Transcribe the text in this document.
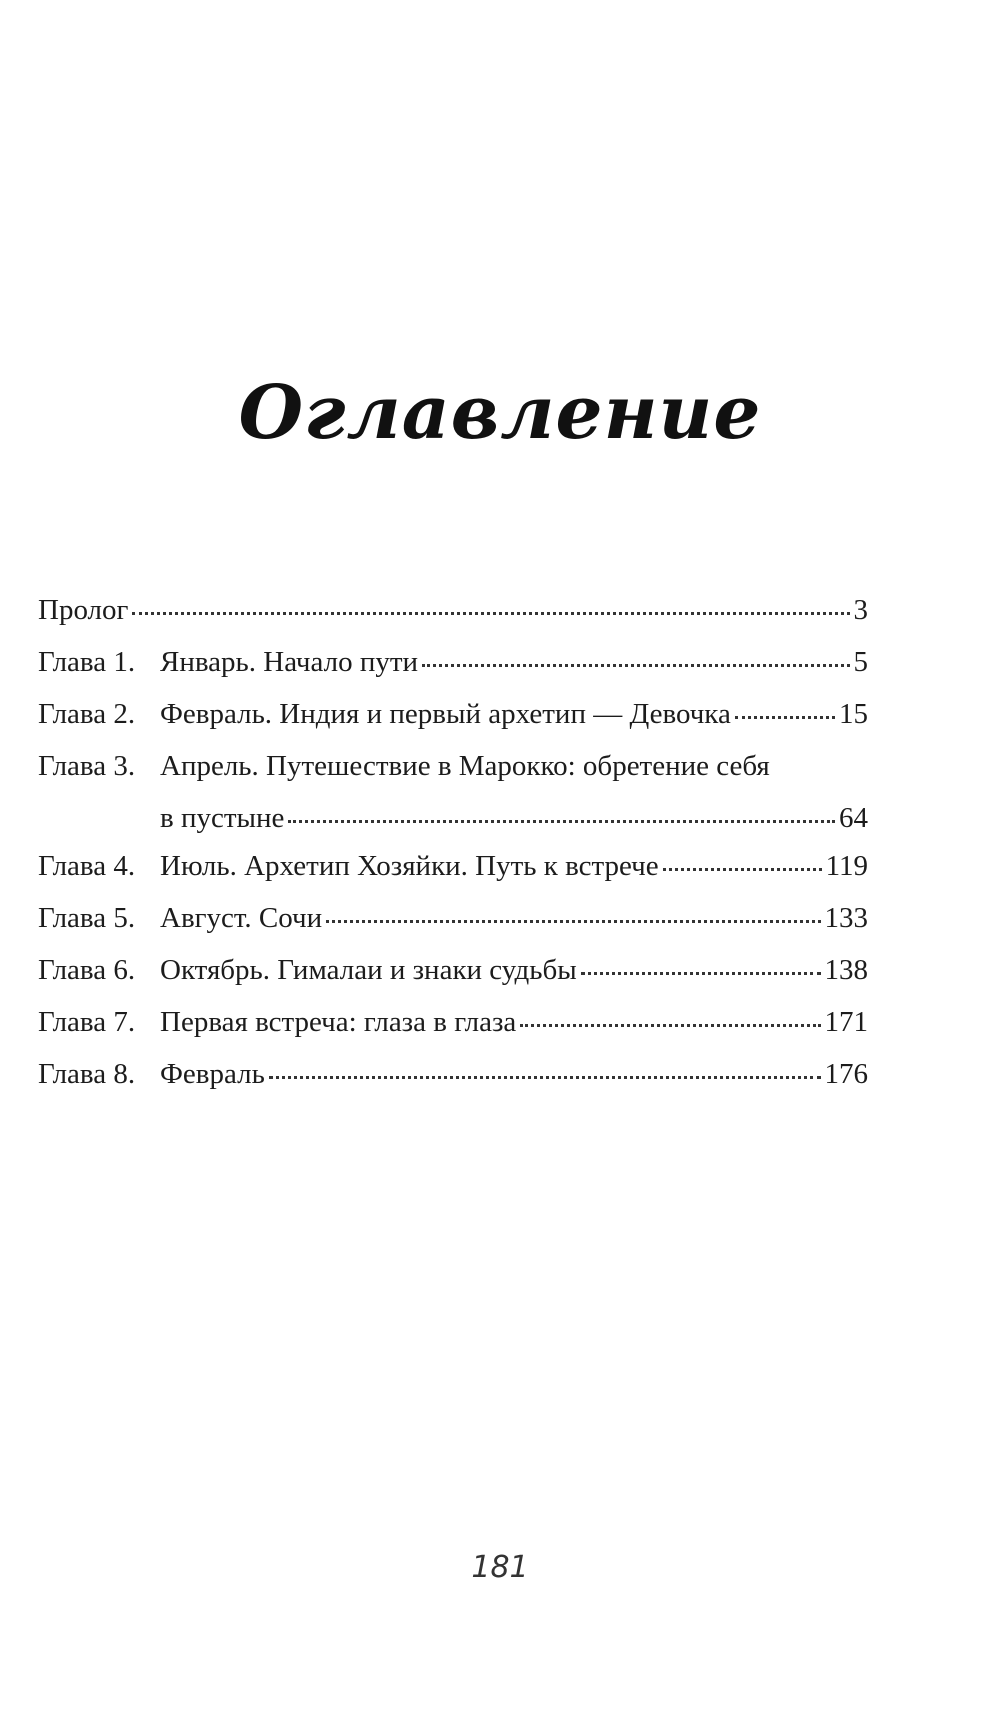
Оглавление
Пролог	3
Глава 1. Январь. Начало пути	5
Глава 2. Февраль. Индия и первый архетип — Девочка	15
Глава 3. Апрель. Путешествие в Марокко: обретение себя
в пустыне	64
Глава 4. Июль. Архетип Хозяйки. Путь к встрече	119
Глава 5. Август. Сочи	133
Глава 6. Октябрь. Гималаи и знаки судьбы	138
Глава 7. Первая встреча: глаза в глаза	171
Глава 8. Февраль	176
181
